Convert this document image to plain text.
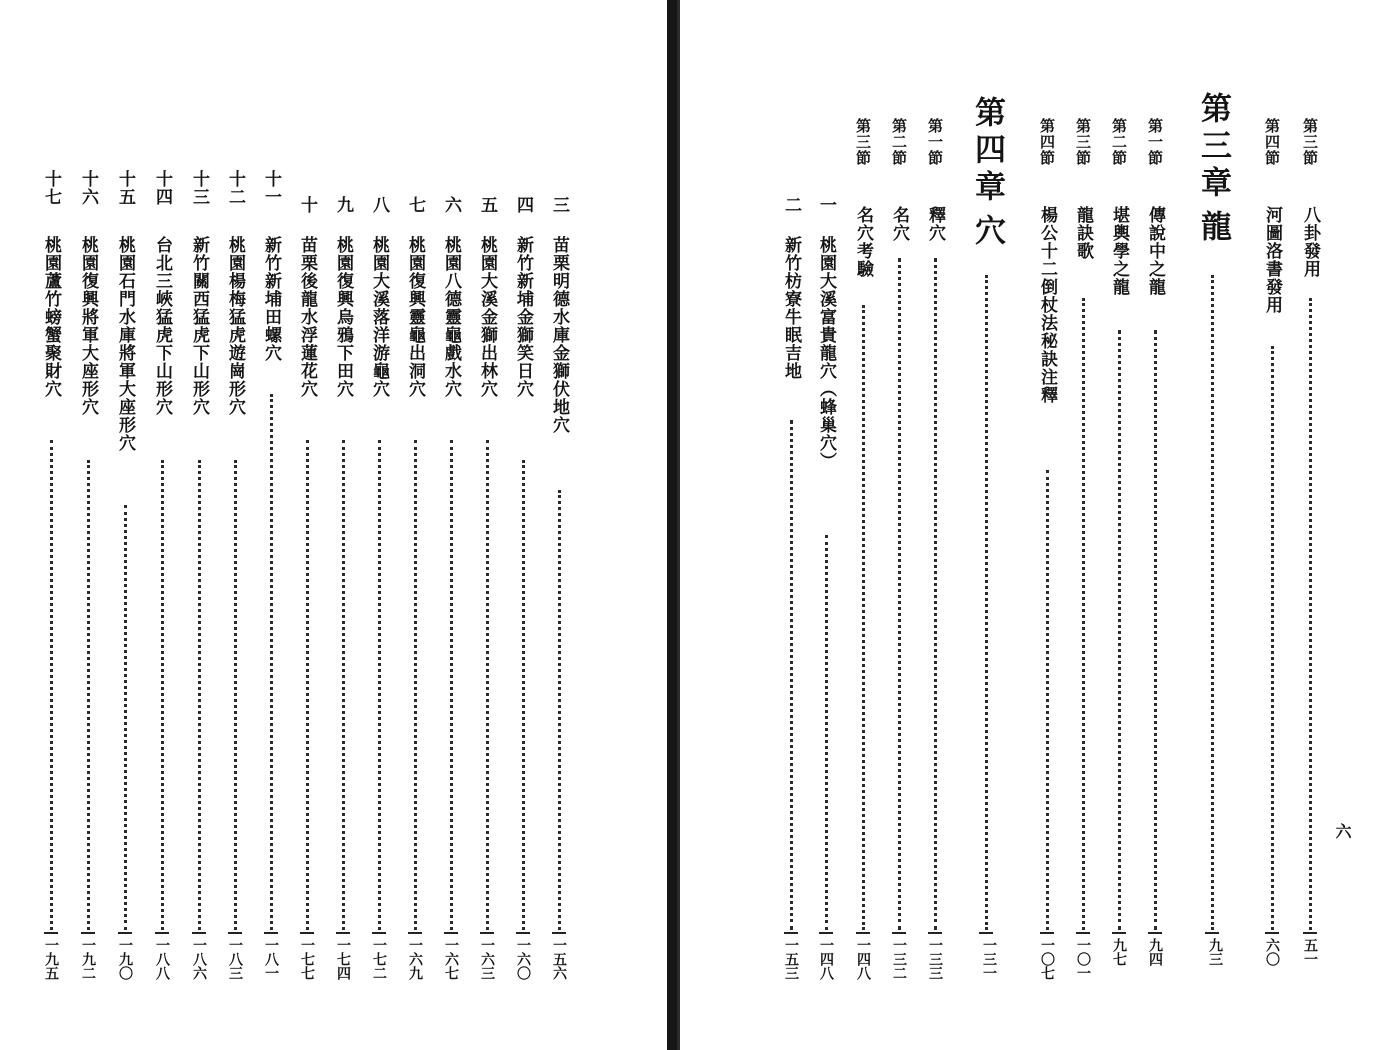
六
第三節
八卦發用
五一
第四節
河圖洛書發用
六〇
第三章
龍
九三
第一節
傳說中之龍
九四
第二節
堪輿學之龍
九七
第三節
龍訣歌
一〇一
第四節
楊公十二倒杖法秘訣注釋
一〇七
第四章
穴
一三一
第一節
釋穴
一三三
第二節
名穴
一三二
第三節
名穴考驗
一四八
一
桃園大溪富貴龍穴（蜂巢穴）
一四八
二
新竹枋寮牛眠吉地
一五三
三
苗栗明德水庫金獅伏地穴
一五六
四
新竹新埔金獅笑日穴
一六〇
五
桃園大溪金獅出林穴
一六三
六
桃園八德靈龜戲水穴
一六七
七
桃園復興靈龜出洞穴
一六九
八
桃園大溪落洋游龜穴
一七二
九
桃園復興烏鴉下田穴
一七四
十
苗栗後龍水浮蓮花穴
一七七
十一
新竹新埔田螺穴
一八一
十二
桃園楊梅猛虎遊崗形穴
一八三
十三
新竹關西猛虎下山形穴
一八六
十四
台北三峽猛虎下山形穴
一八八
十五
桃園石門水庫將軍大座形穴
一九〇
十六
桃園復興將軍大座形穴
一九二
十七
桃園蘆竹螃蟹聚財穴
一九五
